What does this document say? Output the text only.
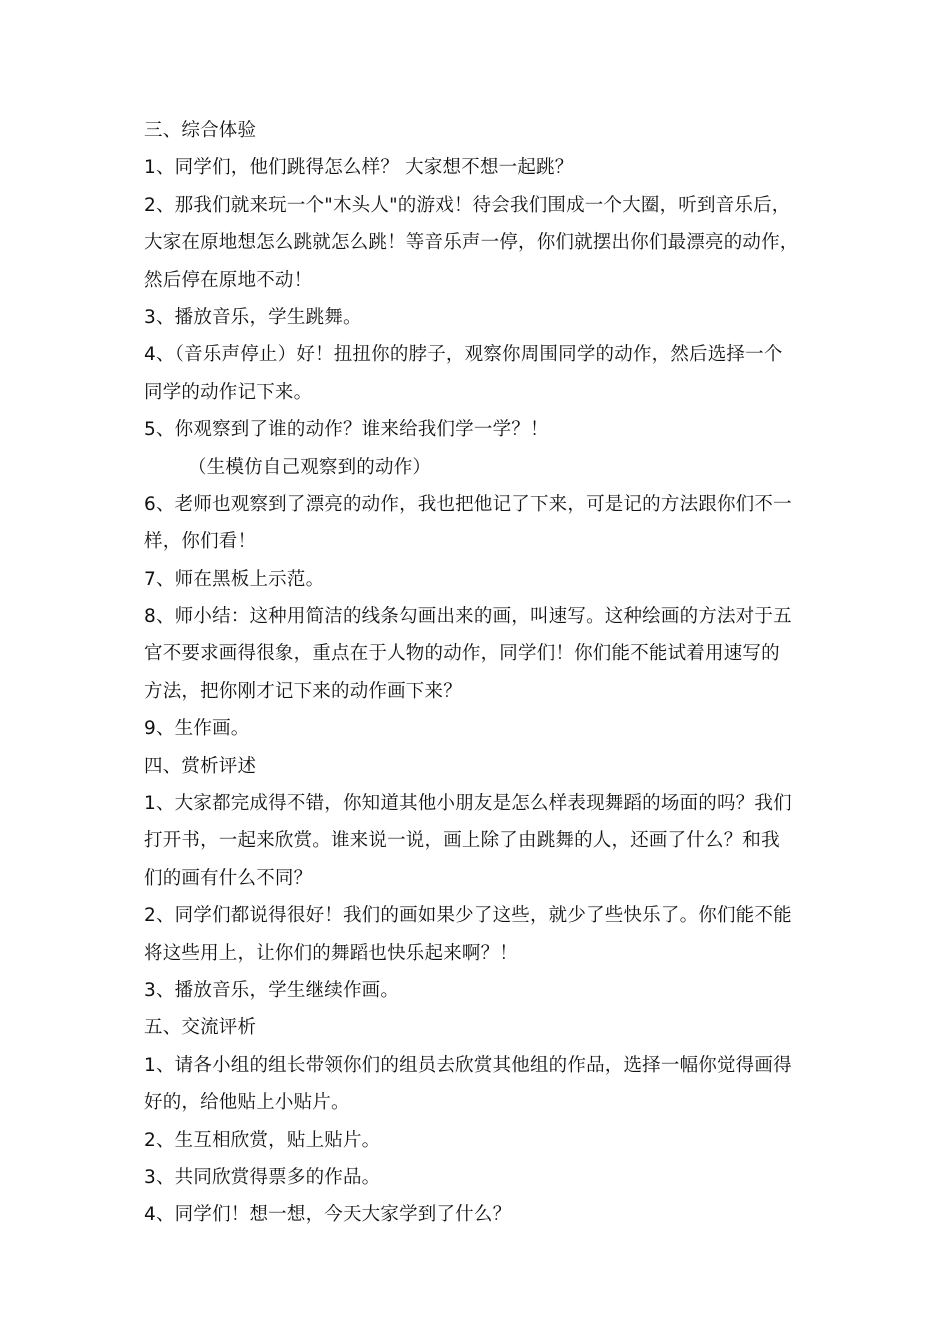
三、综合体验
1、同学们，他们跳得怎么样？ 大家想不想一起跳？
2、那我们就来玩一个"木头人"的游戏！待会我们围成一个大圈，听到音乐后，
大家在原地想怎么跳就怎么跳！等音乐声一停，你们就摆出你们最漂亮的动作，
然后停在原地不动！
3、播放音乐，学生跳舞。
4、（音乐声停止）好！扭扭你的脖子，观察你周围同学的动作，然后选择一个
同学的动作记下来。
5、你观察到了谁的动作？谁来给我们学一学？！
（生模仿自己观察到的动作）
6、老师也观察到了漂亮的动作，我也把他记了下来，可是记的方法跟你们不一
样，你们看！
7、师在黑板上示范。
8、师小结：这种用简洁的线条勾画出来的画，叫速写。这种绘画的方法对于五
官不要求画得很象，重点在于人物的动作，同学们！你们能不能试着用速写的
方法，把你刚才记下来的动作画下来？
9、生作画。
四、赏析评述
1、大家都完成得不错，你知道其他小朋友是怎么样表现舞蹈的场面的吗？我们
打开书，一起来欣赏。谁来说一说，画上除了由跳舞的人，还画了什么？和我
们的画有什么不同？
2、同学们都说得很好！我们的画如果少了这些，就少了些快乐了。你们能不能
将这些用上，让你们的舞蹈也快乐起来啊？！
3、播放音乐，学生继续作画。
五、交流评析
1、请各小组的组长带领你们的组员去欣赏其他组的作品，选择一幅你觉得画得
好的，给他贴上小贴片。
2、生互相欣赏，贴上贴片。
3、共同欣赏得票多的作品。
4、同学们！想一想，今天大家学到了什么？
